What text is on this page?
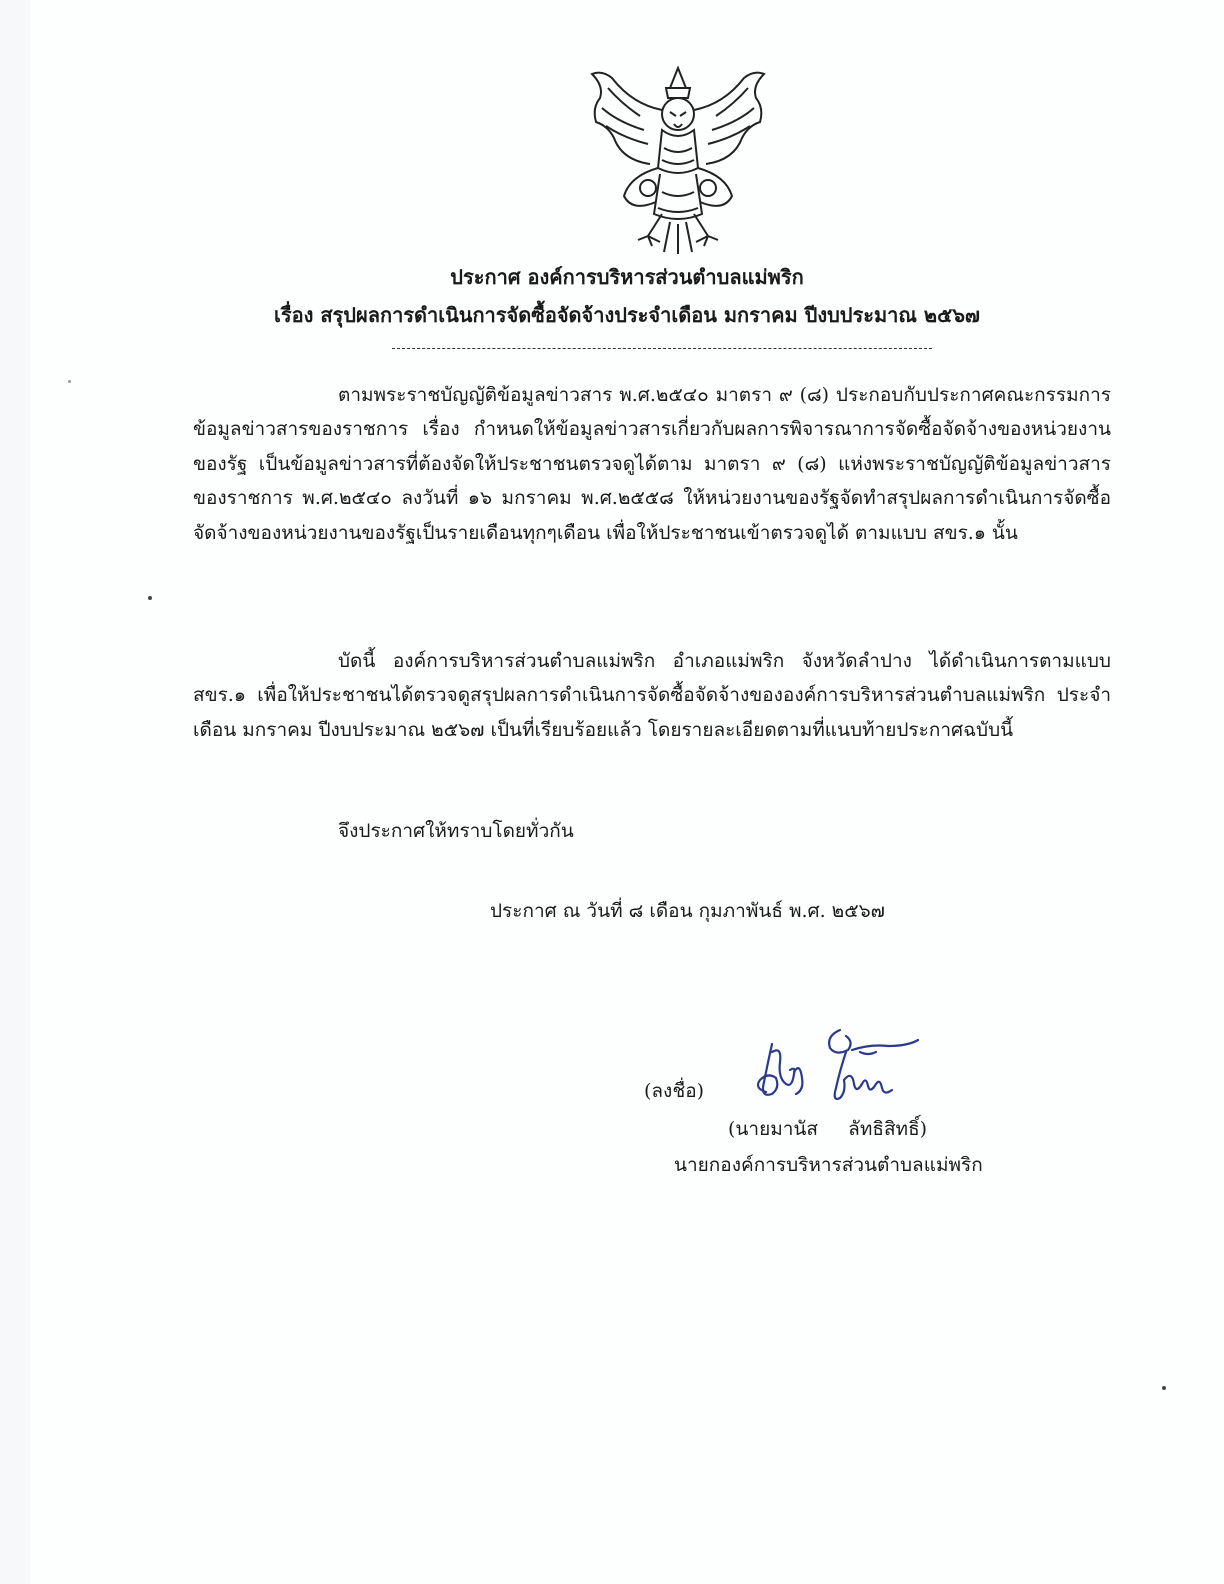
ประกาศ องค์การบริหารส่วนตำบลแม่พริก
เรื่อง สรุปผลการดำเนินการจัดซื้อจัดจ้างประจำเดือน มกราคม ปีงบประมาณ ๒๕๖๗

ตามพระราชบัญญัติข้อมูลข่าวสาร พ.ศ.๒๕๔๐ มาตรา ๙ (๘) ประกอบกับประกาศคณะกรรมการข้อมูลข่าวสารของราชการ เรื่อง กำหนดให้ข้อมูลข่าวสารเกี่ยวกับผลการพิจารณาการจัดซื้อจัดจ้างของหน่วยงานของรัฐ เป็นข้อมูลข่าวสารที่ต้องจัดให้ประชาชนตรวจดูได้ตาม มาตรา ๙ (๘) แห่งพระราชบัญญัติข้อมูลข่าวสารของราชการ พ.ศ.๒๕๔๐ ลงวันที่ ๑๖ มกราคม พ.ศ.๒๕๕๘ ให้หน่วยงานของรัฐจัดทำสรุปผลการดำเนินการจัดซื้อจัดจ้างของหน่วยงานของรัฐเป็นรายเดือนทุกๆเดือน เพื่อให้ประชาชนเข้าตรวจดูได้ ตามแบบ สขร.๑ นั้น

บัดนี้ องค์การบริหารส่วนตำบลแม่พริก อำเภอแม่พริก จังหวัดลำปาง ได้ดำเนินการตามแบบ สขร.๑ เพื่อให้ประชาชนได้ตรวจดูสรุปผลการดำเนินการจัดซื้อจัดจ้างขององค์การบริหารส่วนตำบลแม่พริก ประจำเดือน มกราคม ปีงบประมาณ ๒๕๖๗ เป็นที่เรียบร้อยแล้ว โดยรายละเอียดตามที่แนบท้ายประกาศฉบับนี้

จึงประกาศให้ทราบโดยทั่วกัน
ประกาศ ณ วันที่ ๘ เดือน กุมภาพันธ์ พ.ศ. ๒๕๖๗
(ลงชื่อ)
(นายมานัส     ลัทธิสิทธิ์)
นายกองค์การบริหารส่วนตำบลแม่พริก
